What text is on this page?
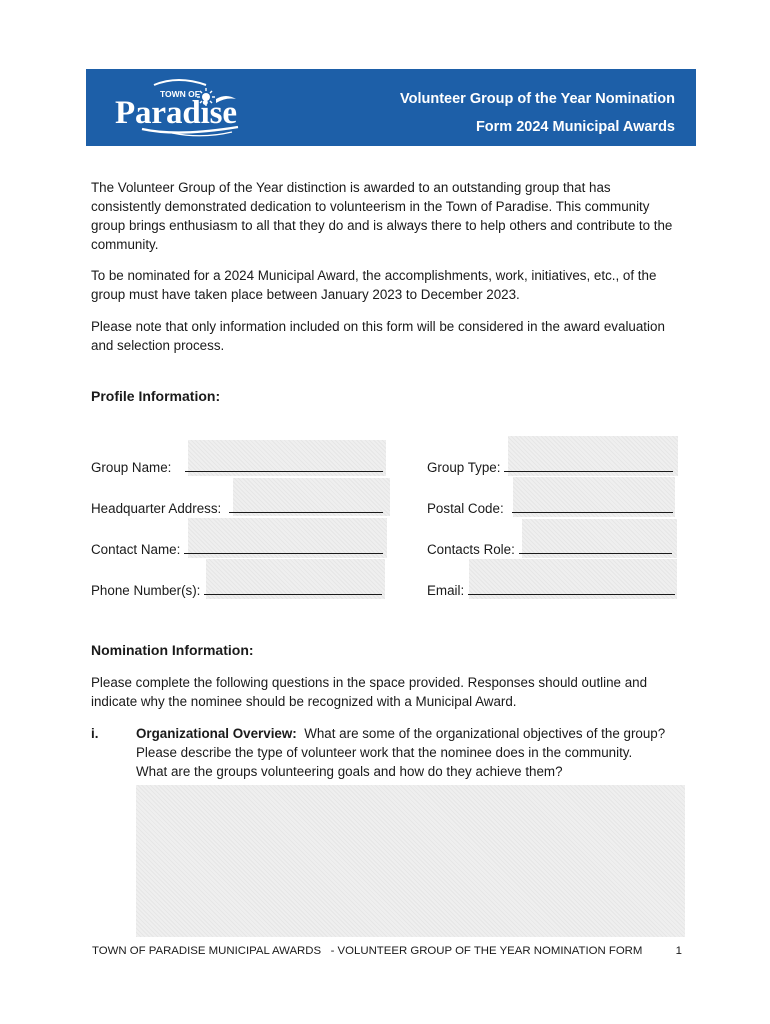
TOWN OF
Paradise	Volunteer Group of the Year Nomination
Form 2024 Municipal Awards

The Volunteer Group of the Year distinction is awarded to an outstanding group that has consistently demonstrated dedication to volunteerism in the Town of Paradise. This community group brings enthusiasm to all that they do and is always there to help others and contribute to the community.

To be nominated for a 2024 Municipal Award, the accomplishments, work, initiatives, etc., of the group must have taken place between January 2023 to December 2023.

Please note that only information included on this form will be considered in the award evaluation and selection process.

Profile Information:
Group Name:	Group Type:
Headquarter Address:	Postal Code:
Contact Name:	Contacts Role:
Phone Number(s):	Email:
Nomination Information:

Please complete the following questions in the space provided. Responses should outline and indicate why the nominee should be recognized with a Municipal Award.

i.	Organizational Overview: What are some of the organizational objectives of the group? Please describe the type of volunteer work that the nominee does in the community. What are the groups volunteering goals and how do they achieve them?
TOWN OF PARADISE MUNICIPAL AWARDS   - VOLUNTEER GROUP OF THE YEAR NOMINATION FORM	1
